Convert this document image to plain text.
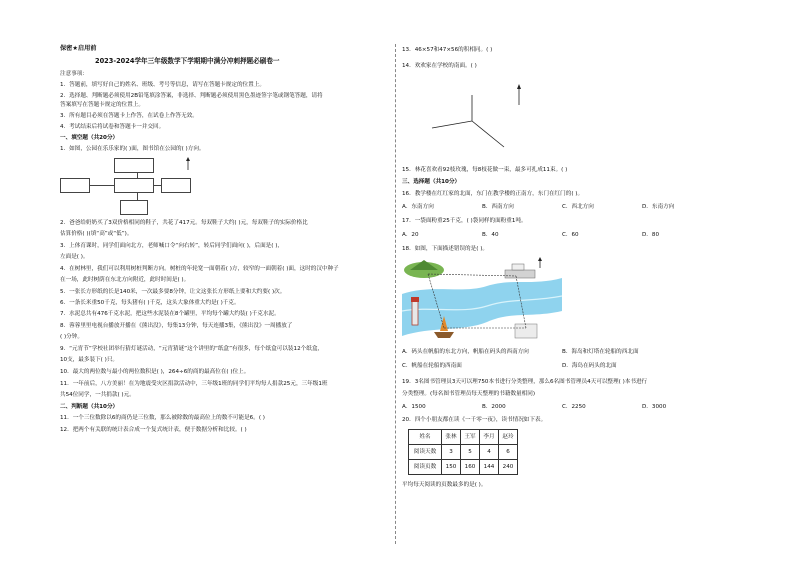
保密★启用前
2023-2024学年三年级数学下学期期中满分冲刺押题必刷卷一
注意事项：
1．答题前，填写好自己的姓名、班级、考号等信息，请写在答题卡规定的位置上。
2．选择题、判断题必须使用2B铅笔填涂答案，非选择、判断题必须使用黑色墨迹签字笔或钢笔答题，请将
答案填写在答题卡规定的位置上。
3．所有题目必须在答题卡上作答，在试卷上作答无效。
4．考试结束后将试卷和答题卡一并交回。
一、填空题（共20分）
1．如图，公园在乐乐家的( )面，图书馆在公园的( )方向。
2．爸爸给奶奶买了3双价格相同的鞋子，共花了417元。每双鞋子大约( )元，每双鞋子的实际价格比
估算价格( )(填“高”或“低”)。
3．上体育课时，同学们面向北方，老师喊口令“向右转”，转后同学们面向( )，后面是( )，
左面是( )。
4．在树林里，我们可以利用树桩判断方向。树桩的年轮宽一面朝着( )方，较窄的一面朝着( )面，这时的汉中种子
在一场，此时树荫在东北方向附近，此时时间是( )。
5．一张长方形纸的长是140米，一次最多要8分钟，让文这张长方形纸上要和大约要( )次。
6．一条长米重50千克，每头猪有( )千克，这头大象体重大约是( )千克。
7．水泥总共有476千克水泥，把这些水泥装在8个罐里，平均每个罐大约装( )千克水泥。
8．蓉蓉里里电视台播放开播在《熊出没》，每集13分钟，每天连播3集，《熊出没》一周播放了
( )分钟。
9．“元宵节”学校社团举行猜灯谜活动，“元宵猜谜”这个讲里的“纸盒”有很多，每个纸盒可以装12个纸盒，
10支，最多装下( )只。
10．最大的两位数与最小的两位数积是( )，264÷6的商的最高位在( )位上。
11．一年前后，八方美丽！在为地震受灾区捐款活动中，三年级1班的同学们平均每人捐款25元，三年级1班
共54位同学，一共捐款( )元。
二、判断题（共10分）
11．一个三位数除以6的商仍是三位数，那么被除数的最高位上的数不可能是6。( )
12．把两个有关联的统计表合成一个复式统计表，便于数据分析和比较。( )
13．46×57和47×56的积相同。( )
14．欢欢家在学校的南面。( )
15．林花喜欢看92枝玫瑰，每8枝花做一束，最多可扎成11束。( )
三、选择题（共10分）
16．教学楼在红红家的北面，东门在教学楼的正南方，东门在红门的( )。
A．东南方向	B．西南方向	C．西北方向	D．东南方向
17．一袋面粉重25千克，( )袋同样的面粉重1吨。
A．20	B．40	C．60	D．80
18．如图，下面描述错误的是( )。
A．码头在帆船的东北方向，帆船在码头的西南方向	B．海岛和灯塔在轮船的西北面
C．帆船在轮船的西南面	D．海岛在码头的北面
19．3名图书管理员3天可以理750本书进行分类整理，那么6名图书管理员4天可以整理( )本书进行
分类整理。(每名图书管理员每天整理的书籍数量相同)
A．1500	B．2000	C．2250	D．3000
20．四个小朋友都在读《一千零一夜》，读书情况如下表。
姓名	张林	王军	李月	赵玲
阅读天数	3	5	4	6
阅读页数	150	160	144	240
平均每天阅读的页数最多的是( )。
